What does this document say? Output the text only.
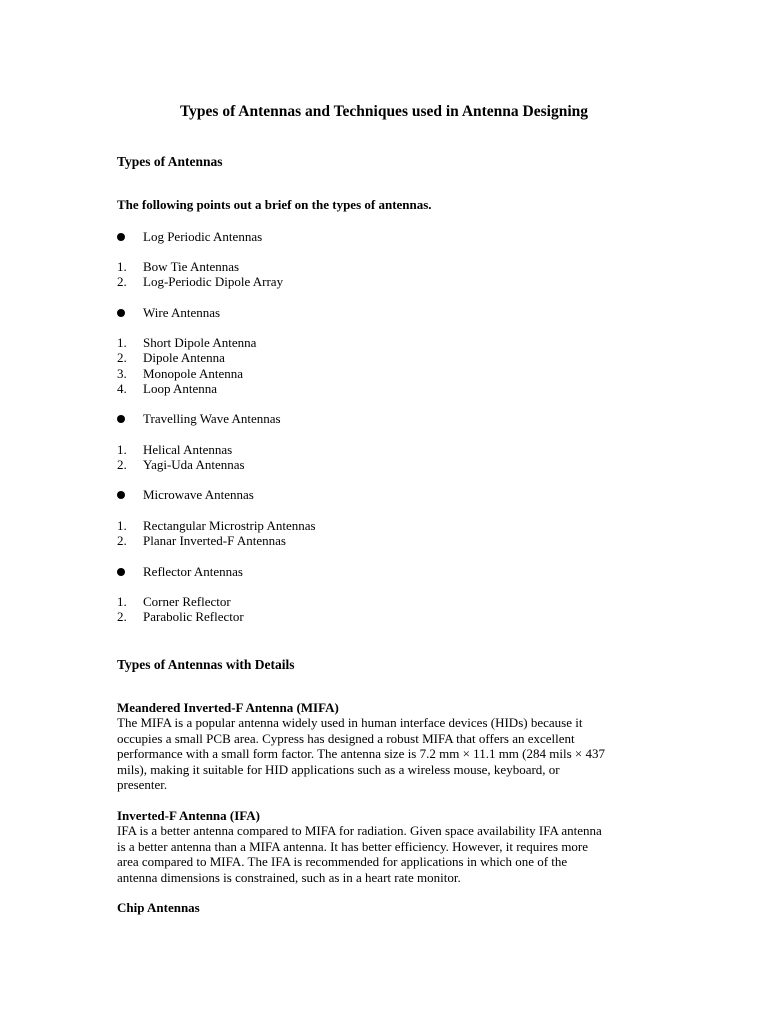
Types of Antennas and Techniques used in Antenna Designing
Types of Antennas

The following points out a brief on the types of antennas.

Log Periodic Antennas
1. Bow Tie Antennas
2. Log-Periodic Dipole Array
Wire Antennas
1. Short Dipole Antenna
2. Dipole Antenna
3. Monopole Antenna
4. Loop Antenna
Travelling Wave Antennas
1. Helical Antennas
2. Yagi-Uda Antennas
Microwave Antennas
1. Rectangular Microstrip Antennas
2. Planar Inverted-F Antennas
Reflector Antennas
1. Corner Reflector
2. Parabolic Reflector
Types of Antennas with Details

Meandered Inverted-F Antenna (MIFA)

The MIFA is a popular antenna widely used in human interface devices (HIDs) because it

occupies a small PCB area. Cypress has designed a robust MIFA that offers an excellent

performance with a small form factor. The antenna size is 7.2 mm × 11.1 mm (284 mils × 437

mils), making it suitable for HID applications such as a wireless mouse, keyboard, or

presenter.

Inverted-F Antenna (IFA)

IFA is a better antenna compared to MIFA for radiation. Given space availability IFA antenna

is a better antenna than a MIFA antenna. It has better efficiency. However, it requires more

area compared to MIFA. The IFA is recommended for applications in which one of the

antenna dimensions is constrained, such as in a heart rate monitor.

Chip Antennas
